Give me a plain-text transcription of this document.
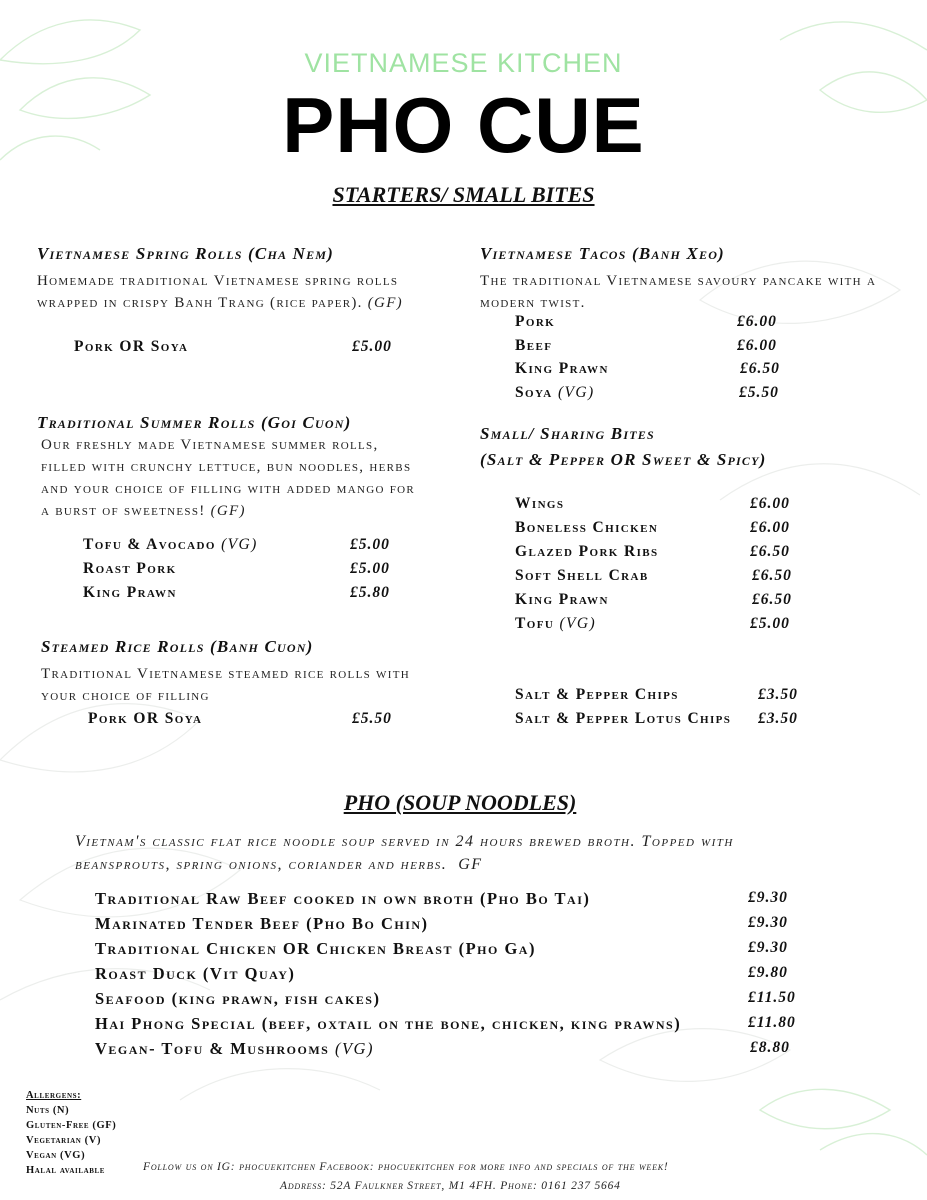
VIETNAMESE KITCHEN
PHO CUE
STARTERS/ SMALL BITES
Vietnamese Spring Rolls (Cha Nem)
Homemade traditional Vietnamese spring rolls wrapped in crispy Banh Trang (rice paper). (GF)
Pork OR Soya	£5.00
Traditional Summer Rolls (Goi Cuon)
Our freshly made Vietnamese summer rolls, filled with crunchy lettuce, bun noodles, herbs and your choice of filling with added mango for a burst of sweetness! (GF)
Tofu & Avocado (VG)	£5.00
Roast Pork	£5.00
King Prawn	£5.80
Steamed Rice Rolls (Banh Cuon)
Traditional Vietnamese steamed rice rolls with your choice of filling
Pork OR Soya	£5.50
Vietnamese Tacos (Banh Xeo)
The traditional Vietnamese savoury pancake with a modern twist.
Pork	£6.00
Beef	£6.00
King Prawn	£6.50
Soya (VG)	£5.50
Small/ Sharing Bites
(Salt & Pepper OR Sweet & Spicy)
Wings	£6.00
Boneless Chicken	£6.00
Glazed Pork Ribs	£6.50
Soft Shell Crab	£6.50
King Prawn	£6.50
Tofu (VG)	£5.00
Salt & Pepper Chips	£3.50
Salt & Pepper Lotus Chips £3.50
PHO (SOUP NOODLES)
Vietnam's classic flat rice noodle soup served in 24 hours brewed broth. Topped with beansprouts, spring onions, coriander and herbs. GF
Traditional Raw Beef cooked in own broth (Pho Bo Tai)	£9.30
Marinated Tender Beef (Pho Bo Chin)	£9.30
Traditional Chicken OR Chicken Breast (Pho Ga)	£9.30
Roast Duck (Vit Quay)	£9.80
Seafood (king prawn, fish cakes)	£11.50
Hai Phong Special (beef, oxtail on the bone, chicken, king prawns)	£11.80
Vegan- Tofu & Mushrooms (VG)	£8.80
Allergens:
Nuts (N)
Gluten-Free (GF)
Vegetarian (V)
Vegan (VG)
Halal available	Follow us on IG: phocuekitchen Facebook: phocuekitchen for more info and specials of the week!
Address: 52A Faulkner Street, M1 4FH. Phone: 0161 237 5664
